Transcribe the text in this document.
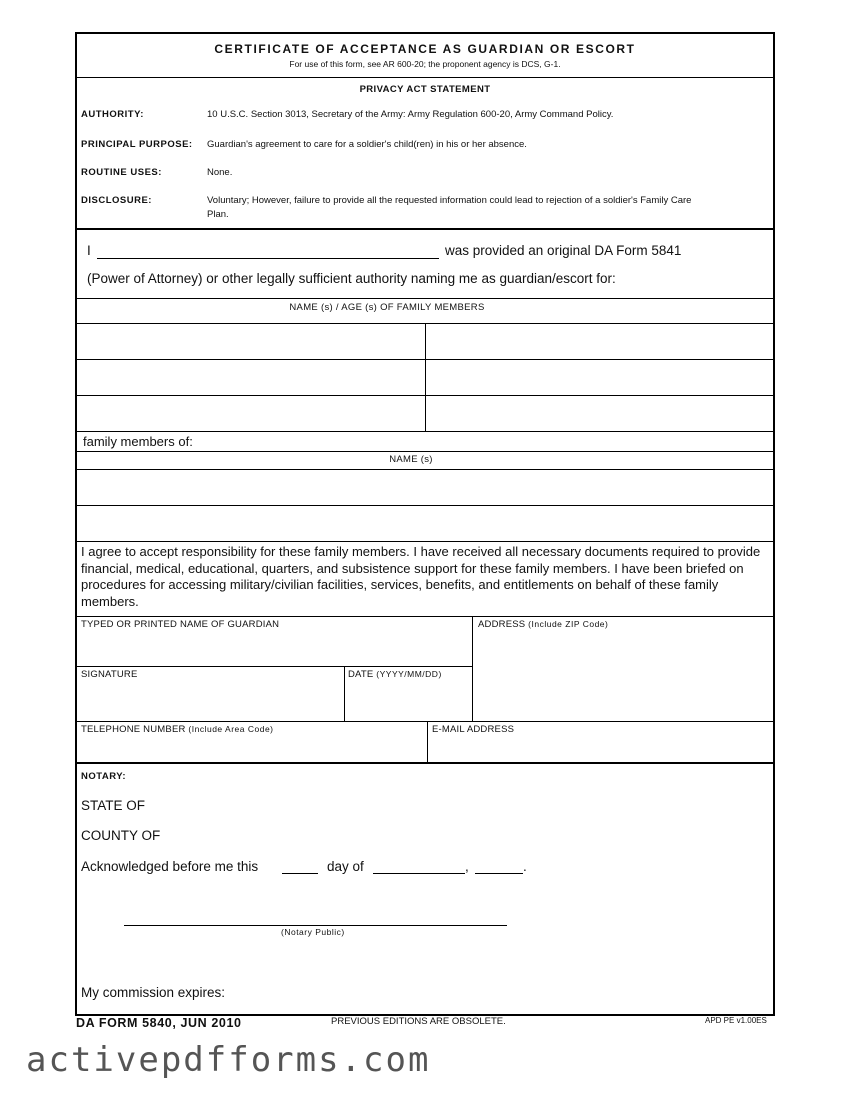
CERTIFICATE OF ACCEPTANCE AS GUARDIAN OR ESCORT
For use of this form, see AR 600-20; the proponent agency is DCS, G-1.
PRIVACY ACT STATEMENT
AUTHORITY:	10 U.S.C. Section 3013, Secretary of the Army: Army Regulation 600-20, Army Command Policy.
PRINCIPAL PURPOSE: Guardian's agreement to care for a soldier's child(ren) in his or her absence.
ROUTINE USES:	None.
DISCLOSURE:	Voluntary; However, failure to provide all the requested information could lead to rejection of a soldier's Family Care Plan.
I	was provided an original DA Form 5841
(Power of Attorney) or other legally sufficient authority naming me as guardian/escort for:
NAME (s) / AGE (s) OF FAMILY MEMBERS
family members of:
NAME (s)
I agree to accept responsibility for these family members. I have received all necessary documents required to provide financial, medical, educational, quarters, and subsistence support for these family members. I have been briefed on procedures for accessing military/civilian facilities, services, benefits, and entitlements on behalf of these family members.
TYPED OR PRINTED NAME OF GUARDIAN	ADDRESS (Include ZIP Code)
SIGNATURE	DATE (YYYY/MM/DD)
TELEPHONE NUMBER (Include Area Code)	E-MAIL ADDRESS
NOTARY:
STATE OF
COUNTY OF
Acknowledged before me this	day of	,	.
(Notary Public)
My commission expires:
DA FORM 5840, JUN 2010	PREVIOUS EDITIONS ARE OBSOLETE.	APD PE v1.00ES
activepdfforms.com
